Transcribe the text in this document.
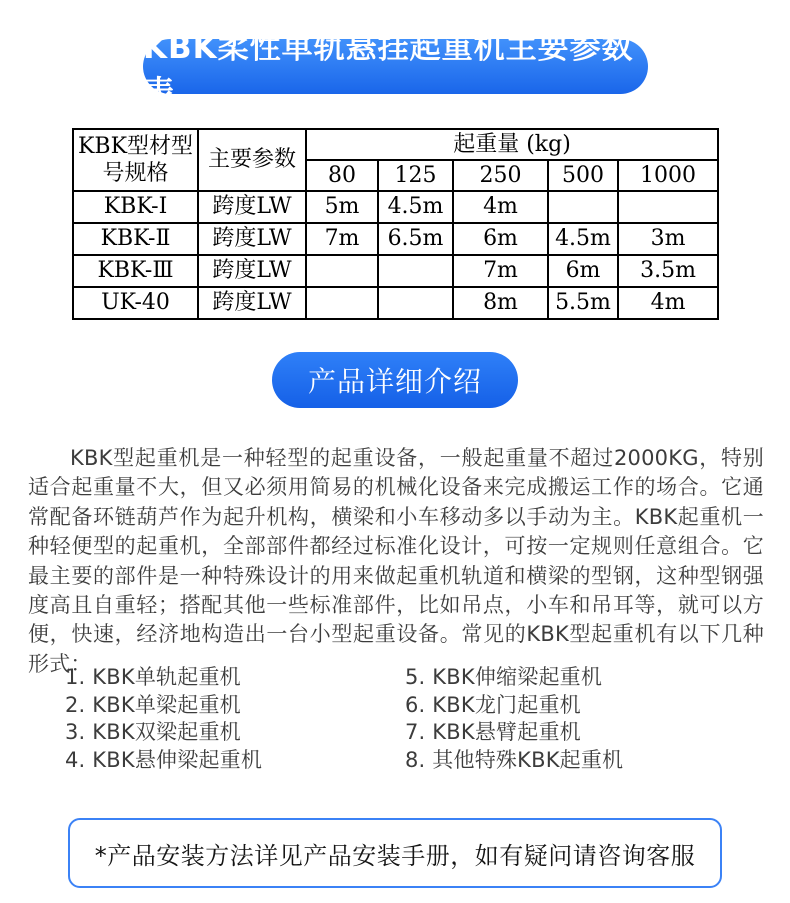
KBK柔性单轨悬挂起重机主要参数表
KBK型材型号规格	主要参数	起重量 (kg)				
		80	125	250	500	1000
KBK-Ⅰ	跨度LW	5m	4.5m	4m		
KBK-Ⅱ	跨度LW	7m	6.5m	6m	4.5m	3m
KBK-Ⅲ	跨度LW			7m	6m	3.5m
UK-40	跨度LW			8m	5.5m	4m
产品详细介绍

KBK型起重机是一种轻型的起重设备，一般起重量不超过2000KG，特别适合起重量不大，但又必须用简易的机械化设备来完成搬运工作的场合。它通常配备环链葫芦作为起升机构，横梁和小车移动多以手动为主。KBK起重机一种轻便型的起重机，全部部件都经过标准化设计，可按一定规则任意组合。它最主要的部件是一种特殊设计的用来做起重机轨道和横梁的型钢，这种型钢强度高且自重轻；搭配其他一些标准部件，比如吊点，小车和吊耳等，就可以方便，快速，经济地构造出一台小型起重设备。常见的KBK型起重机有以下几种形式：

1. KBK单轨起重机
2. KBK单梁起重机
3. KBK双梁起重机
4. KBK悬伸梁起重机
5. KBK伸缩梁起重机
6. KBK龙门起重机
7. KBK悬臂起重机
8. 其他特殊KBK起重机
*产品安装方法详见产品安装手册，如有疑问请咨询客服
